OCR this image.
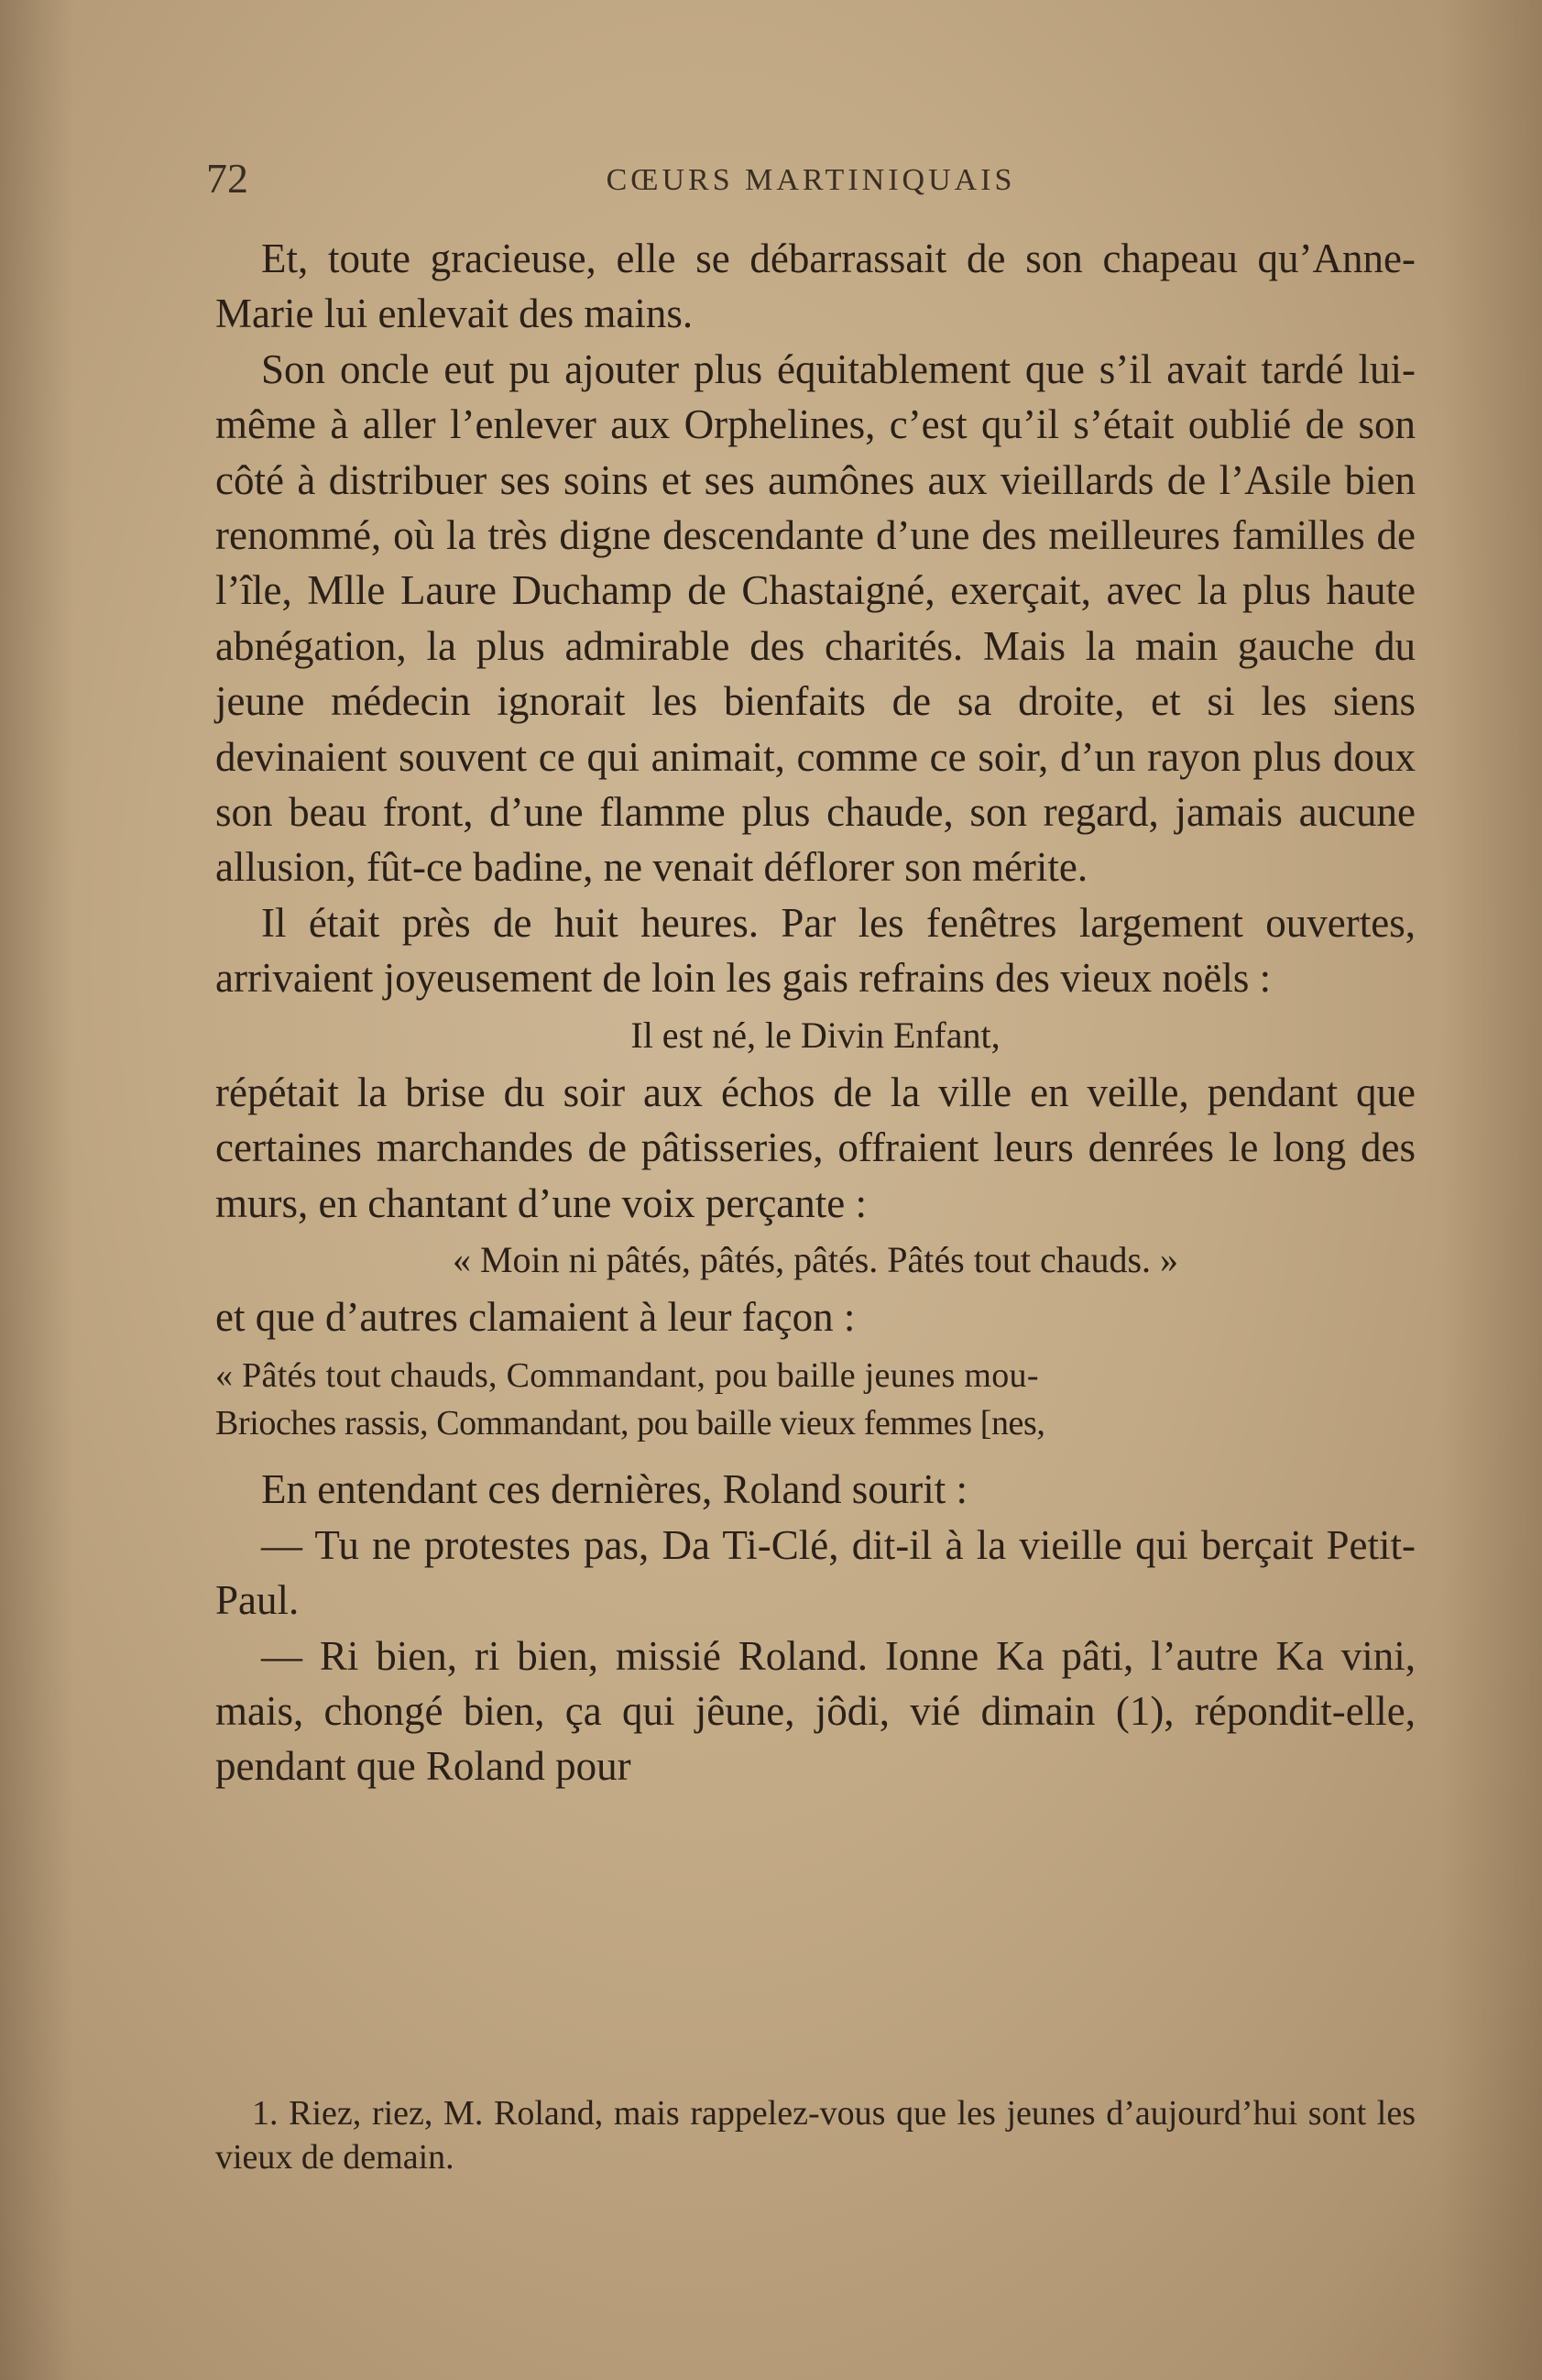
72	CŒURS MARTINIQUAIS

Et, toute gracieuse, elle se débarrassait de son chapeau qu’Anne-Marie lui enlevait des mains.

Son oncle eut pu ajouter plus équitablement que s’il avait tardé lui-même à aller l’enlever aux Orphelines, c’est qu’il s’était oublié de son côté à distribuer ses soins et ses aumônes aux vieillards de l’Asile bien renommé, où la très digne descendante d’une des meilleures familles de l’île, Mlle Laure Duchamp de Chastaigné, exerçait, avec la plus haute abnégation, la plus admirable des charités. Mais la main gauche du jeune médecin ignorait les bienfaits de sa droite, et si les siens devinaient souvent ce qui animait, comme ce soir, d’un rayon plus doux son beau front, d’une flamme plus chaude, son regard, jamais aucune allusion, fût-ce badine, ne venait déflorer son mérite.

Il était près de huit heures. Par les fenêtres largement ouvertes, arrivaient joyeusement de loin les gais refrains des vieux noëls :

Il est né, le Divin Enfant,

répétait la brise du soir aux échos de la ville en veille, pendant que certaines marchandes de pâtisseries, offraient leurs denrées le long des murs, en chantant d’une voix perçante :

« Moin ni pâtés, pâtés, pâtés. Pâtés tout chauds. »

et que d’autres clamaient à leur façon :

« Pâtés tout chauds, Commandant, pou baille jeunes mou-
Brioches rassis, Commandant, pou baille vieux femmes [nes,

En entendant ces dernières, Roland sourit :

— Tu ne protestes pas, Da Ti-Clé, dit-il à la vieille qui berçait Petit-Paul.

— Ri bien, ri bien, missié Roland. Ionne Ka pâti, l’autre Ka vini, mais, chongé bien, ça qui jêune, jôdi, vié dimain (1), répondit-elle, pendant que Roland pour

1. Riez, riez, M. Roland, mais rappelez-vous que les jeunes d’aujourd’hui sont les vieux de demain.
